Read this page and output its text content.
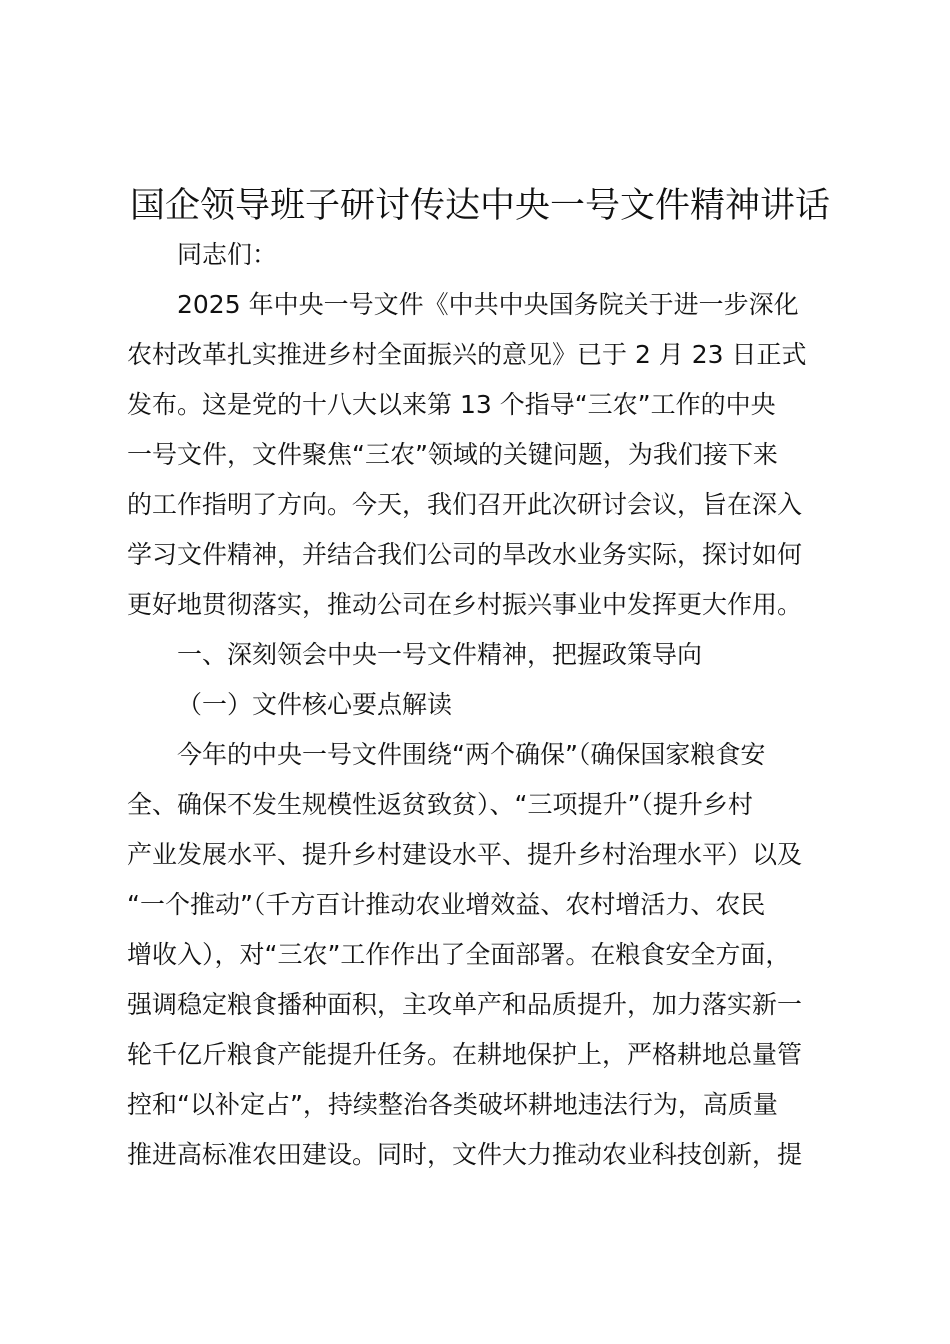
国企领导班子研讨传达中央一号文件精神讲话

同志们：

2025 年中央一号文件《中共中央国务院关于进一步深化

农村改革扎实推进乡村全面振兴的意见》已于 2 月 23 日正式

发布。这是党的十八大以来第 13 个指导“三农”工作的中央

一号文件，文件聚焦“三农”领域的关键问题，为我们接下来

的工作指明了方向。今天，我们召开此次研讨会议，旨在深入

学习文件精神，并结合我们公司的旱改水业务实际，探讨如何

更好地贯彻落实，推动公司在乡村振兴事业中发挥更大作用。

一、深刻领会中央一号文件精神，把握政策导向

（一）文件核心要点解读

今年的中央一号文件围绕“两个确保”（确保国家粮食安

全、确保不发生规模性返贫致贫）、“三项提升”（提升乡村

产业发展水平、提升乡村建设水平、提升乡村治理水平）以及

“一个推动”（千方百计推动农业增效益、农村增活力、农民

增收入），对“三农”工作作出了全面部署。在粮食安全方面，

强调稳定粮食播种面积，主攻单产和品质提升，加力落实新一

轮千亿斤粮食产能提升任务。在耕地保护上，严格耕地总量管

控和“以补定占”，持续整治各类破坏耕地违法行为，高质量

推进高标准农田建设。同时，文件大力推动农业科技创新，提
